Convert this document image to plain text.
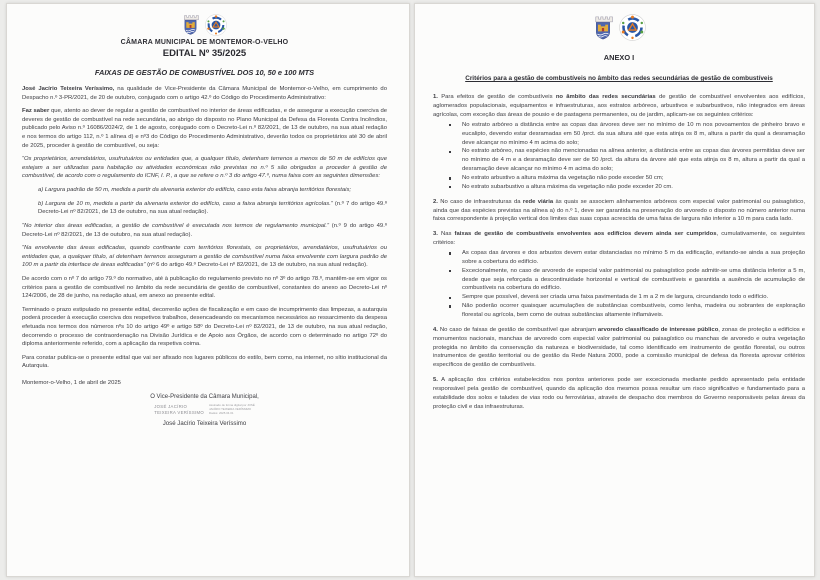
CÂMARA MUNICIPAL DE MONTEMOR-O-VELHO
EDITAL Nº 35/2025
FAIXAS DE GESTÃO DE COMBUSTÍVEL DOS 10, 50 e 100 MTS

José Jacírio Teixeira Veríssimo, na qualidade de Vice-Presidente da Câmara Municipal de Montemor-o-Velho, em cumprimento do Despacho n.º 3-PR/2021, de 20 de outubro, conjugado com o artigo 42.º do Código do Procedimento Administrativo:

Faz saber que, atento ao dever de regular a gestão de combustível no interior de áreas edificadas, e de assegurar a execução coerciva de deveres de gestão de combustível na rede secundária, ao abrigo do disposto no Plano Municipal da Defesa da Floresta Contra Incêndios, publicado pelo Aviso n.º 16086/2024/2, de 1 de agosto, conjugado com o Decreto-Lei n.º 82/2021, de 13 de outubro, na sua atual redação e nos termos do artigo 112, n.º 1 alínea d) e nº3 do Código do Procedimento Administrativo, deverão todos os proprietários até 30 de abril de 2025, proceder à gestão de combustível, ou seja:

“Os proprietários, arrendatários, usufrutuários ou entidades que, a qualquer título, detenham terrenos a menos de 50 m de edifícios que estejam a ser utilizadas para habitação ou atividades económicas não previstas no n.º 5 são obrigados a proceder à gestão de combustível, de acordo com o regulamento do ICNF, I. P., a que se refere o n.º 3 do artigo 47.º, numa faixa com as seguintes dimensões:

a) Largura padrão de 50 m, medida a partir da alvenaria exterior do edifício, caso esta faixa abranja territórios florestais;

b) Largura de 10 m, medida a partir da alvenaria exterior do edifício, caso a faixa abranja territórios agrícolas.” (n.º 7 do artigo 49.º Decreto-Lei nº 82/2021, de 13 de outubro, na sua atual redação).

“No interior das áreas edificadas, a gestão de combustível é executada nos termos de regulamento municipal.” (n.º 9 do artigo 49.º Decreto-Lei nº 82/2021, de 13 de outubro, na sua atual redação).

“Na envolvente das áreas edificadas, quando confinante com territórios florestais, os proprietários, arrendatários, usufrutuários ou entidades que, a qualquer título, aí detenham terrenos asseguram a gestão de combustível numa faixa envolvente com largura padrão de 100 m a partir da interface de áreas edificadas” (nº 6 do artigo 49.º Decreto-Lei nº 82/2021, de 13 de outubro, na sua atual redação).

De acordo com o nº 7 do artigo 79.º do normativo, até à publicação do regulamento previsto no nº 3º do artigo 78.º, mantêm-se em vigor os critérios para a gestão de combustível no âmbito da rede secundária de gestão de combustível, constantes do anexo ao Decreto-Lei nº 124/2006, de 28 de junho, na redação atual, em anexo ao presente edital.

Terminado o prazo estipulado no presente edital, decorrerão ações de fiscalização e em caso de incumprimento das limpezas, a autarquia poderá proceder à execução coerciva dos respetivos trabalhos, desencadeando os mecanismos necessários ao ressarcimento da despesa efetuada nos termos dos números nºs 10 do artigo 49º e artigo 58º do Decreto-Lei nº 82/2021, de 13 de outubro, na sua atual redação, decorrendo o processo de contraordenação na Divisão Jurídica e de Apoio aos Órgãos, de acordo com o determinado no artigo 72º do diploma anteriormente referido, com a aplicação da respetiva coima.

Para constar publica-se o presente edital que vai ser afixado nos lugares públicos do estilo, bem como, na internet, no sítio institucional da Autarquia.

Montemor-o-Velho, 1 de abril de 2025
O Vice-Presidente da Câmara Municipal,
JOSÉ JACÍRIO
TEIXEIRA VERÍSSIMO
Assinado de forma digital por JOSÉ
JACÍRIO TEIXEIRA VERÍSSIMO
Dados: 2025.04.01
José Jacírio Teixeira Veríssimo
ANEXO I
Critérios para a gestão de combustíveis no âmbito das redes secundárias de gestão de combustíveis

1. Para efeitos de gestão de combustíveis no âmbito das redes secundárias de gestão de combustível envolventes aos edifícios, aglomerados populacionais, equipamentos e infraestruturas, aos estratos arbóreos, arbustivos e subarbustivos, não integrados em áreas agrícolas, com exceção das áreas de pousio e de pastagens permanentes, ou de jardim, aplicam-se os seguintes critérios:

No estrato arbóreo a distância entre as copas das árvores deve ser no mínimo de 10 m nos povoamentos de pinheiro bravo e eucalipto, devendo estar desramadas em 50 /prct. da sua altura até que esta atinja os 8 m, altura a partir da qual a desramação deve alcançar no mínimo 4 m acima do solo;
No estrato arbóreo, nas espécies não mencionadas na alínea anterior, a distância entre as copas das árvores permitidas deve ser no mínimo de 4 m e a desramação deve ser de 50 /prct. da altura da árvore até que esta atinja os 8 m, altura a partir da qual a desramação deve alcançar no mínimo 4 m acima do solo;
No estrato arbustivo a altura máxima da vegetação não pode exceder 50 cm;
No estrato subarbustivo a altura máxima da vegetação não pode exceder 20 cm.

2. No caso de infraestruturas da rede viária às quais se associem alinhamentos arbóreos com especial valor patrimonial ou paisagístico, ainda que das espécies previstas na alínea a) do n.º 1, deve ser garantida na preservação do arvoredo o disposto no número anterior numa faixa correspondente à projeção vertical dos limites das suas copas acrescida de uma faixa de largura não inferior a 10 m para cada lado.

3. Nas faixas de gestão de combustíveis envolventes aos edifícios devem ainda ser cumpridos, cumulativamente, os seguintes critérios:

As copas das árvores e dos arbustos devem estar distanciadas no mínimo 5 m da edificação, evitando-se ainda a sua projeção sobre a cobertura do edifício.
Excecionalmente, no caso de arvoredo de especial valor patrimonial ou paisagístico pode admitir-se uma distância inferior a 5 m, desde que seja reforçada a descontinuidade horizontal e vertical de combustíveis e garantida a ausência de acumulação de combustíveis na cobertura do edifício.
Sempre que possível, deverá ser criada uma faixa pavimentada de 1 m a 2 m de largura, circundando todo o edifício.
Não poderão ocorrer quaisquer acumulações de substâncias combustíveis, como lenha, madeira ou sobrantes de exploração florestal ou agrícola, bem como de outras substâncias altamente inflamáveis.

4. No caso de faixas de gestão de combustível que abranjam arvoredo classificado de interesse público, zonas de proteção a edifícios e monumentos nacionais, manchas de arvoredo com especial valor patrimonial ou paisagístico ou manchas de arvoredo e outra vegetação protegida no âmbito da conservação da natureza e biodiversidade, tal como identificado em instrumento de gestão florestal, ou outros instrumentos de gestão territorial ou de gestão da Rede Natura 2000, pode a comissão municipal de defesa da floresta aprovar critérios específicos de gestão de combustíveis.

5. A aplicação dos critérios estabelecidos nos pontos anteriores pode ser excecionada mediante pedido apresentado pela entidade responsável pela gestão de combustível, quando da aplicação dos mesmos possa resultar um risco significativo e fundamentado para a estabilidade dos solos e taludes de vias rodo ou ferroviárias, através de despacho dos membros do Governo responsáveis pelas áreas da proteção civil e das infraestruturas.
